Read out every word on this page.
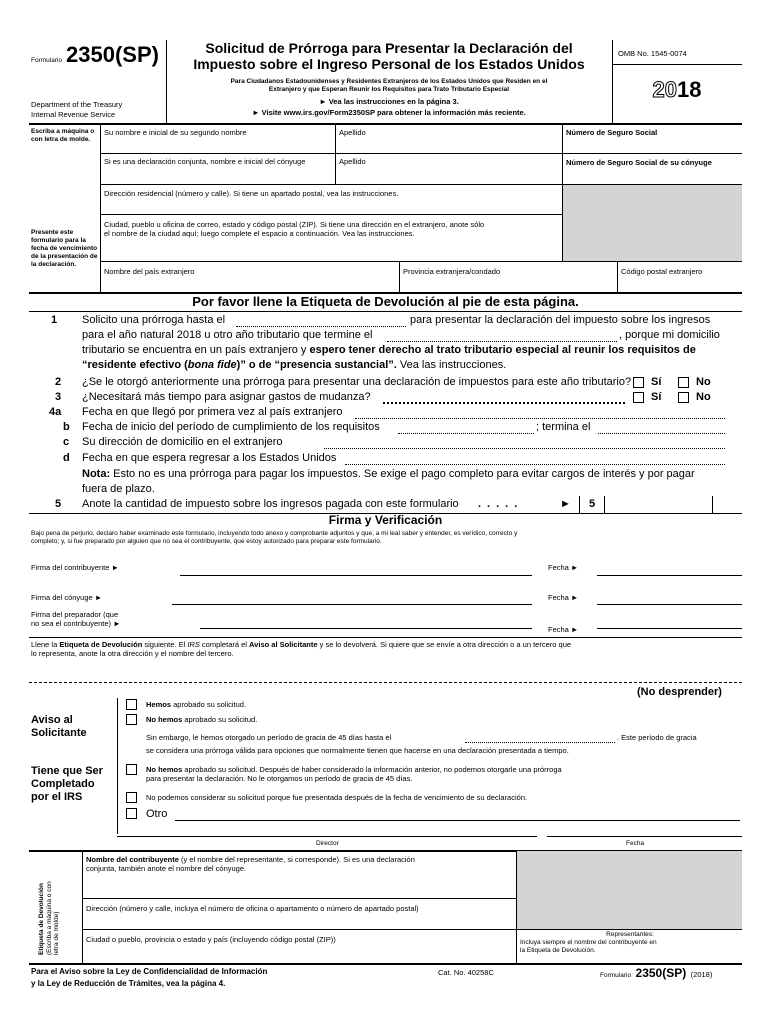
Formulario 2350(SP)
Department of the Treasury
Internal Revenue Service
Solicitud de Prórroga para Presentar la Declaración del
Impuesto sobre el Ingreso Personal de los Estados Unidos
Para Ciudadanos Estadounidenses y Residentes Extranjeros de los Estados Unidos que Residen en el
Extranjero y que Esperan Reunir los Requisitos para Trato Tributario Especial
► Vea las instrucciones en la página 3.
► Visite www.irs.gov/Form2350SP para obtener la información más reciente.
OMB No. 1545-0074
2018
Escriba a máquina o con letra de molde.
Presente este formulario para la fecha de vencimiento de la presentación de la declaración.
Su nombre e inicial de su segundo nombre	Apellido	Número de Seguro Social
Si es una declaración conjunta, nombre e inicial del cónyuge	Apellido	Número de Seguro Social de su cónyuge
Dirección residencial (número y calle). Si tiene un apartado postal, vea las instrucciones.
Ciudad, pueblo u oficina de correo, estado y código postal (ZIP). Si tiene una dirección en el extranjero, anote sólo
el nombre de la ciudad aquí; luego complete el espacio a continuación. Vea las instrucciones.
Nombre del país extranjero	Provincia extranjera/condado	Código postal extranjero
Por favor llene la Etiqueta de Devolución al pie de esta página.
1 Solicito una prórroga hasta el	para presentar la declaración del impuesto sobre los ingresos
para el año natural 2018 u otro año tributario que termine el	, porque mi domicilio
tributario se encuentra en un país extranjero y espero tener derecho al trato tributario especial al reunir los requisitos de
“residente efectivo (bona fide)” o de “presencia sustancial”. Vea las instrucciones.
2 ¿Se le otorgó anteriormente una prórroga para presentar una declaración de impuestos para este año tributario? Sí	No
3 ¿Necesitará más tiempo para asignar gastos de mudanza?	Sí	No
4a Fecha en que llegó por primera vez al país extranjero
b Fecha de inicio del período de cumplimiento de los requisitos	; termina el
c Su dirección de domicilio en el extranjero
d Fecha en que espera regresar a los Estados Unidos
Nota: Esto no es una prórroga para pagar los impuestos. Se exige el pago completo para evitar cargos de interés y por pagar
fuera de plazo.
5 Anote la cantidad de impuesto sobre los ingresos pagada con este formulario .....	► 5
Firma y Verificación
Bajo pena de perjurio, declaro haber examinado este formulario, incluyendo todo anexo y comprobante adjuntos y que, a mi leal saber y entender, es verídico, correcto y
completo; y, si fue preparado por alguien que no sea el contribuyente, que estoy autorizado para preparar este formulario.
Firma del contribuyente ►	Fecha ►
Firma del cónyuge ►	Fecha ►
Firma del preparador (que
no sea el contribuyente) ►
Fecha ►
Llene la Etiqueta de Devolución siguiente. El IRS completará el Aviso al Solicitante y se lo devolverá. Si quiere que se envíe a otra dirección o a un tercero que
lo representa, anote la otra dirección y el nombre del tercero.
(No desprender)
Aviso al
Solicitante
Tiene que Ser
Completado
por el IRS
Hemos aprobado su solicitud.
No hemos aprobado su solicitud.
Sin embargo, le hemos otorgado un período de gracia de 45 días hasta el	. Este período de gracia
se considera una prórroga válida para opciones que normalmente tienen que hacerse en una declaración presentada a tiempo.
No hemos aprobado su solicitud. Después de haber considerado la información anterior, no podemos otorgarle una prórroga
para presentar la declaración. No le otorgamos un período de gracia de 45 días.
No podemos considerar su solicitud porque fue presentada después de la fecha de vencimiento de su declaración.
Otro
Director	Fecha
Etiqueta de Devolución (Escriba a máquina o con letra de molde)
Nombre del contribuyente (y el nombre del representante, si corresponde). Si es una declaración
conjunta, también anote el nombre del cónyuge.
Dirección (número y calle, incluya el número de oficina o apartamento o número de apartado postal)
Ciudad o pueblo, provincia o estado y país (incluyendo código postal (ZIP))
Representantes:
Incluya siempre el nombre del contribuyente en
la Etiqueta de Devolución.
Para el Aviso sobre la Ley de Confidencialidad de Información
y la Ley de Reducción de Trámites, vea la página 4.
Cat. No. 40258C	Formulario 2350(SP) (2018)
